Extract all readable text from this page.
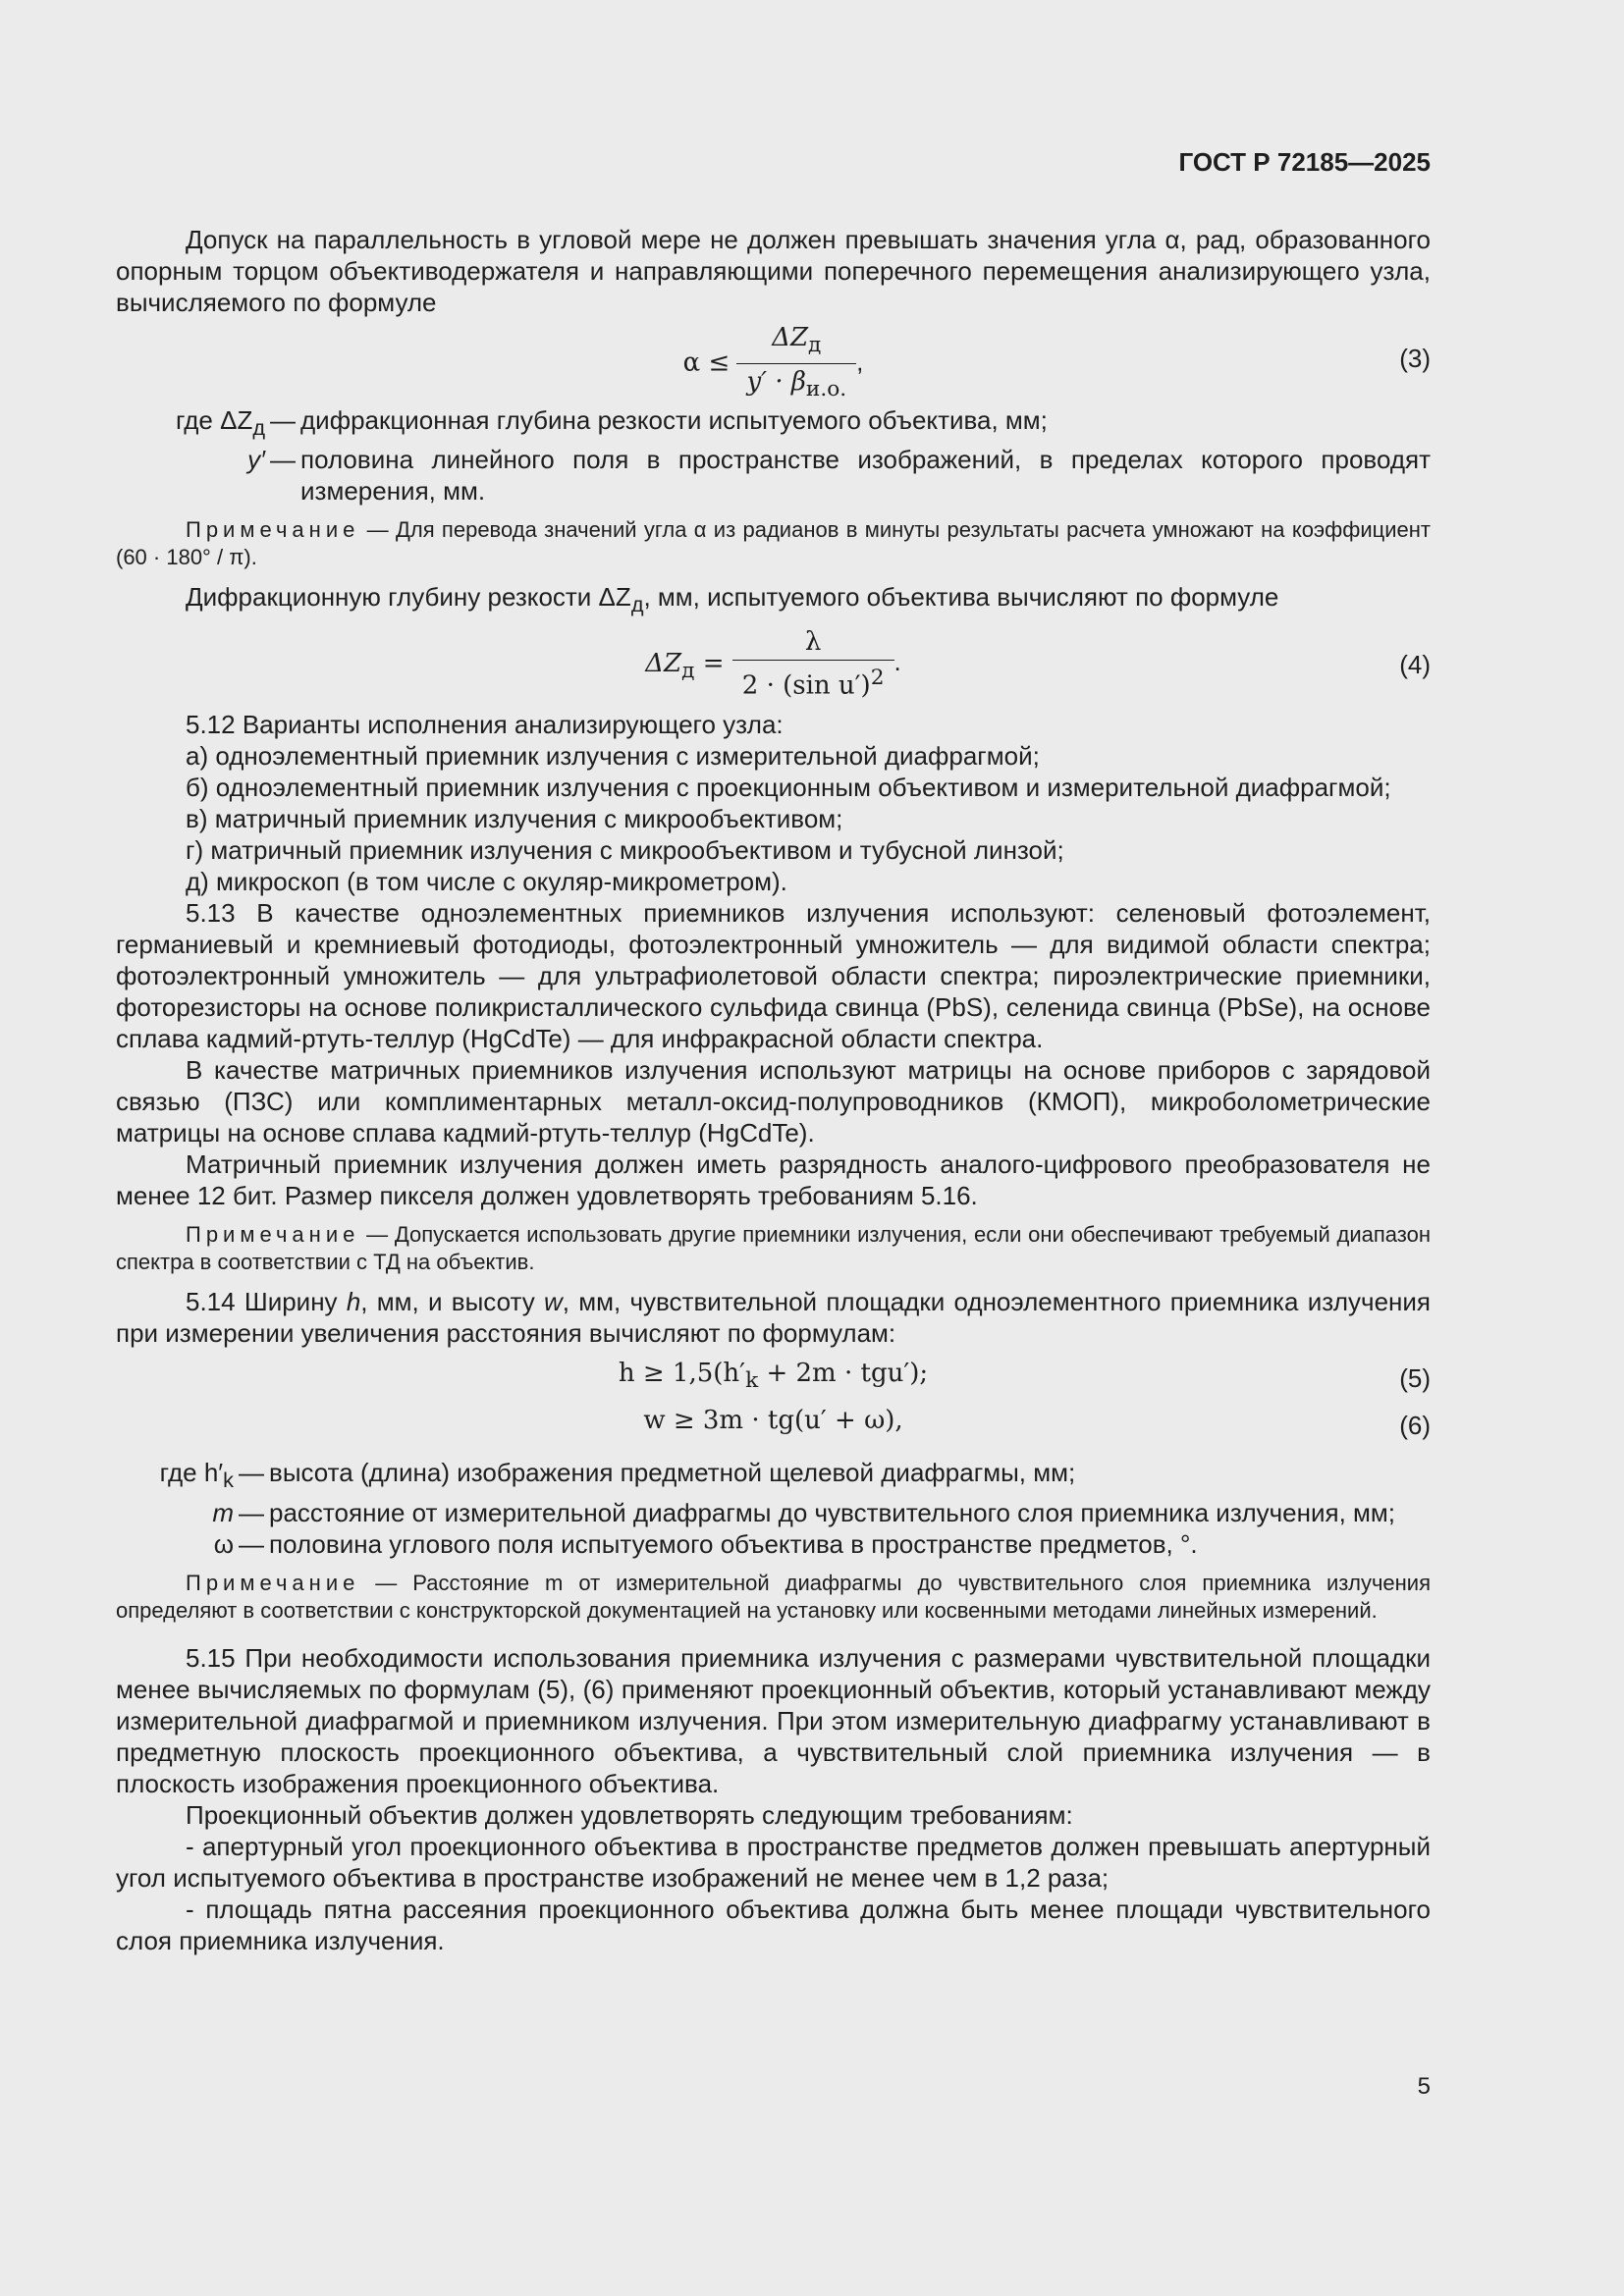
ГОСТ Р 72185—2025

Допуск на параллельность в угловой мере не должен превышать значения угла α, рад, образованного опорным торцом объективодержателя и направляющими поперечного перемещения анализирующего узла, вычисляемого по формуле

$\alpha \le \frac{\Delta Z_д}{y' \cdot \beta_{и.о.}}$ ,	(3)
где $\Delta Z_д$ — дифракционная глубина резкости испытуемого объектива, мм;
y′ — половина линейного поля в пространстве изображений, в пределах которого проводят измерения, мм.

Примечание — Для перевода значений угла α из радианов в минуты результаты расчета умножают на коэффициент (60 · 180° / π).

Дифракционную глубину резкости $\Delta Z_д$, мм, испытуемого объектива вычисляют по формуле

$\Delta Z_д = \frac{\lambda}{2 \cdot (\sin u')^2}$ .	(4)

5.12 Варианты исполнения анализирующего узла:

а) одноэлементный приемник излучения с измерительной диафрагмой;

б) одноэлементный приемник излучения с проекционным объективом и измерительной диафрагмой;

в) матричный приемник излучения с микрообъективом;

г) матричный приемник излучения с микрообъективом и тубусной линзой;

д) микроскоп (в том числе с окуляр-микрометром).

5.13 В качестве одноэлементных приемников излучения используют: селеновый фотоэлемент, германиевый и кремниевый фотодиоды, фотоэлектронный умножитель — для видимой области спектра; фотоэлектронный умножитель — для ультрафиолетовой области спектра; пироэлектрические приемники, фоторезисторы на основе поликристаллического сульфида свинца (PbS), селенида свинца (PbSe), на основе сплава кадмий-ртуть-теллур (HgCdTe) — для инфракрасной области спектра.

В качестве матричных приемников излучения используют матрицы на основе приборов с зарядовой связью (ПЗС) или комплиментарных металл-оксид-полупроводников (КМОП), микроболометрические матрицы на основе сплава кадмий-ртуть-теллур (HgCdTe).

Матричный приемник излучения должен иметь разрядность аналого-цифрового преобразователя не менее 12 бит. Размер пикселя должен удовлетворять требованиям 5.16.

Примечание — Допускается использовать другие приемники излучения, если они обеспечивают требуемый диапазон спектра в соответствии с ТД на объектив.

5.14 Ширину h, мм, и высоту w, мм, чувствительной площадки одноэлементного приемника излучения при измерении увеличения расстояния вычисляют по формулам:

$h \ge 1,5(h'_k + 2m \cdot tgu')$;	(5)
w ≥ 3m · tg(u′ + ω),	(6)
где $h'_k$ — высота (длина) изображения предметной щелевой диафрагмы, мм;
m — расстояние от измерительной диафрагмы до чувствительного слоя приемника излучения, мм;
ω — половина углового поля испытуемого объектива в пространстве предметов, °.

Примечание — Расстояние m от измерительной диафрагмы до чувствительного слоя приемника излучения определяют в соответствии с конструкторской документацией на установку или косвенными методами линейных измерений.

5.15 При необходимости использования приемника излучения с размерами чувствительной площадки менее вычисляемых по формулам (5), (6) применяют проекционный объектив, который устанавливают между измерительной диафрагмой и приемником излучения. При этом измерительную диафрагму устанавливают в предметную плоскость проекционного объектива, а чувствительный слой приемника излучения — в плоскость изображения проекционного объектива.

Проекционный объектив должен удовлетворять следующим требованиям:

- апертурный угол проекционного объектива в пространстве предметов должен превышать апертурный угол испытуемого объектива в пространстве изображений не менее чем в 1,2 раза;

- площадь пятна рассеяния проекционного объектива должна быть менее площади чувствительного слоя приемника излучения.

5
